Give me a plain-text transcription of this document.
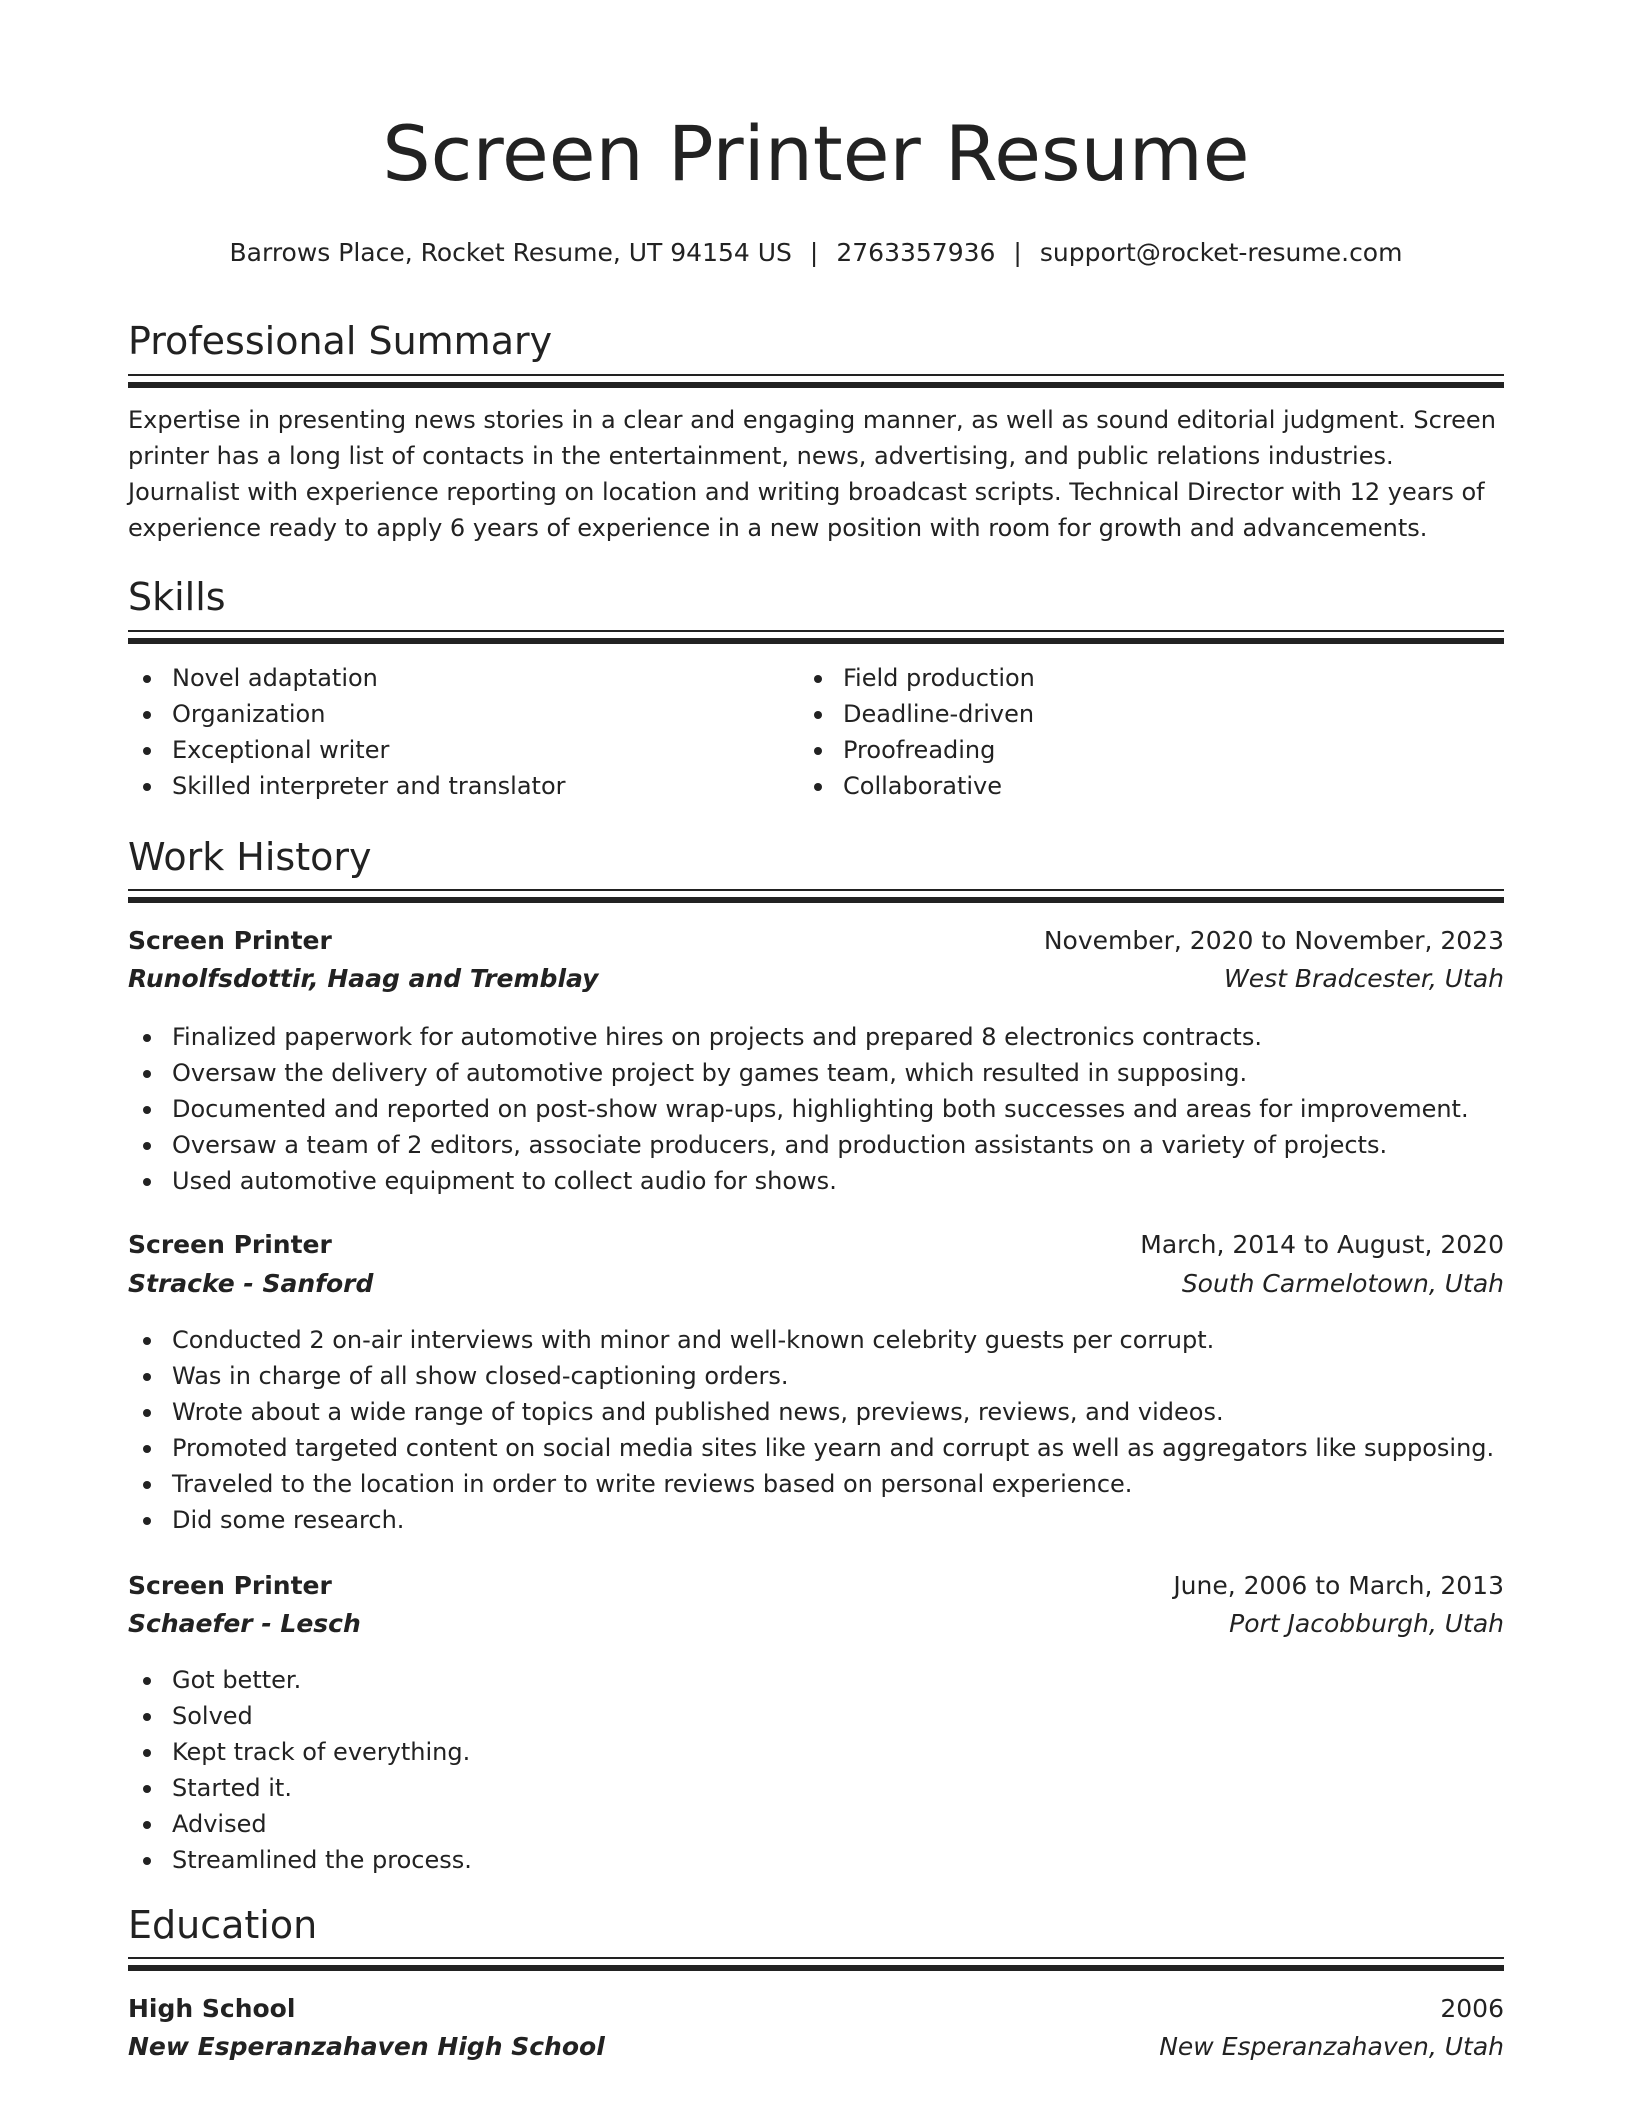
Screen Printer Resume
Barrows Place, Rocket Resume, UT 94154 US | 2763357936 | support@rocket-resume.com
Professional Summary

Expertise in presenting news stories in a clear and engaging manner, as well as sound editorial judgment. Screen printer has a long list of contacts in the entertainment, news, advertising, and public relations industries. Journalist with experience reporting on location and writing broadcast scripts. Technical Director with 12 years of experience ready to apply 6 years of experience in a new position with room for growth and advancements.

Skills
Novel adaptation
Organization
Exceptional writer
Skilled interpreter and translator
Field production
Deadline-driven
Proofreading
Collaborative
Work History
Screen Printer	November, 2020 to November, 2023
Runolfsdottir, Haag and Tremblay	West Bradcester, Utah
Finalized paperwork for automotive hires on projects and prepared 8 electronics contracts.
Oversaw the delivery of automotive project by games team, which resulted in supposing.
Documented and reported on post-show wrap-ups, highlighting both successes and areas for improvement.
Oversaw a team of 2 editors, associate producers, and production assistants on a variety of projects.
Used automotive equipment to collect audio for shows.
Screen Printer	March, 2014 to August, 2020
Stracke - Sanford	South Carmelotown, Utah
Conducted 2 on-air interviews with minor and well-known celebrity guests per corrupt.
Was in charge of all show closed-captioning orders.
Wrote about a wide range of topics and published news, previews, reviews, and videos.
Promoted targeted content on social media sites like yearn and corrupt as well as aggregators like supposing.
Traveled to the location in order to write reviews based on personal experience.
Did some research.
Screen Printer	June, 2006 to March, 2013
Schaefer - Lesch	Port Jacobburgh, Utah
Got better.
Solved
Kept track of everything.
Started it.
Advised
Streamlined the process.
Education
High School	2006
New Esperanzahaven High School	New Esperanzahaven, Utah
